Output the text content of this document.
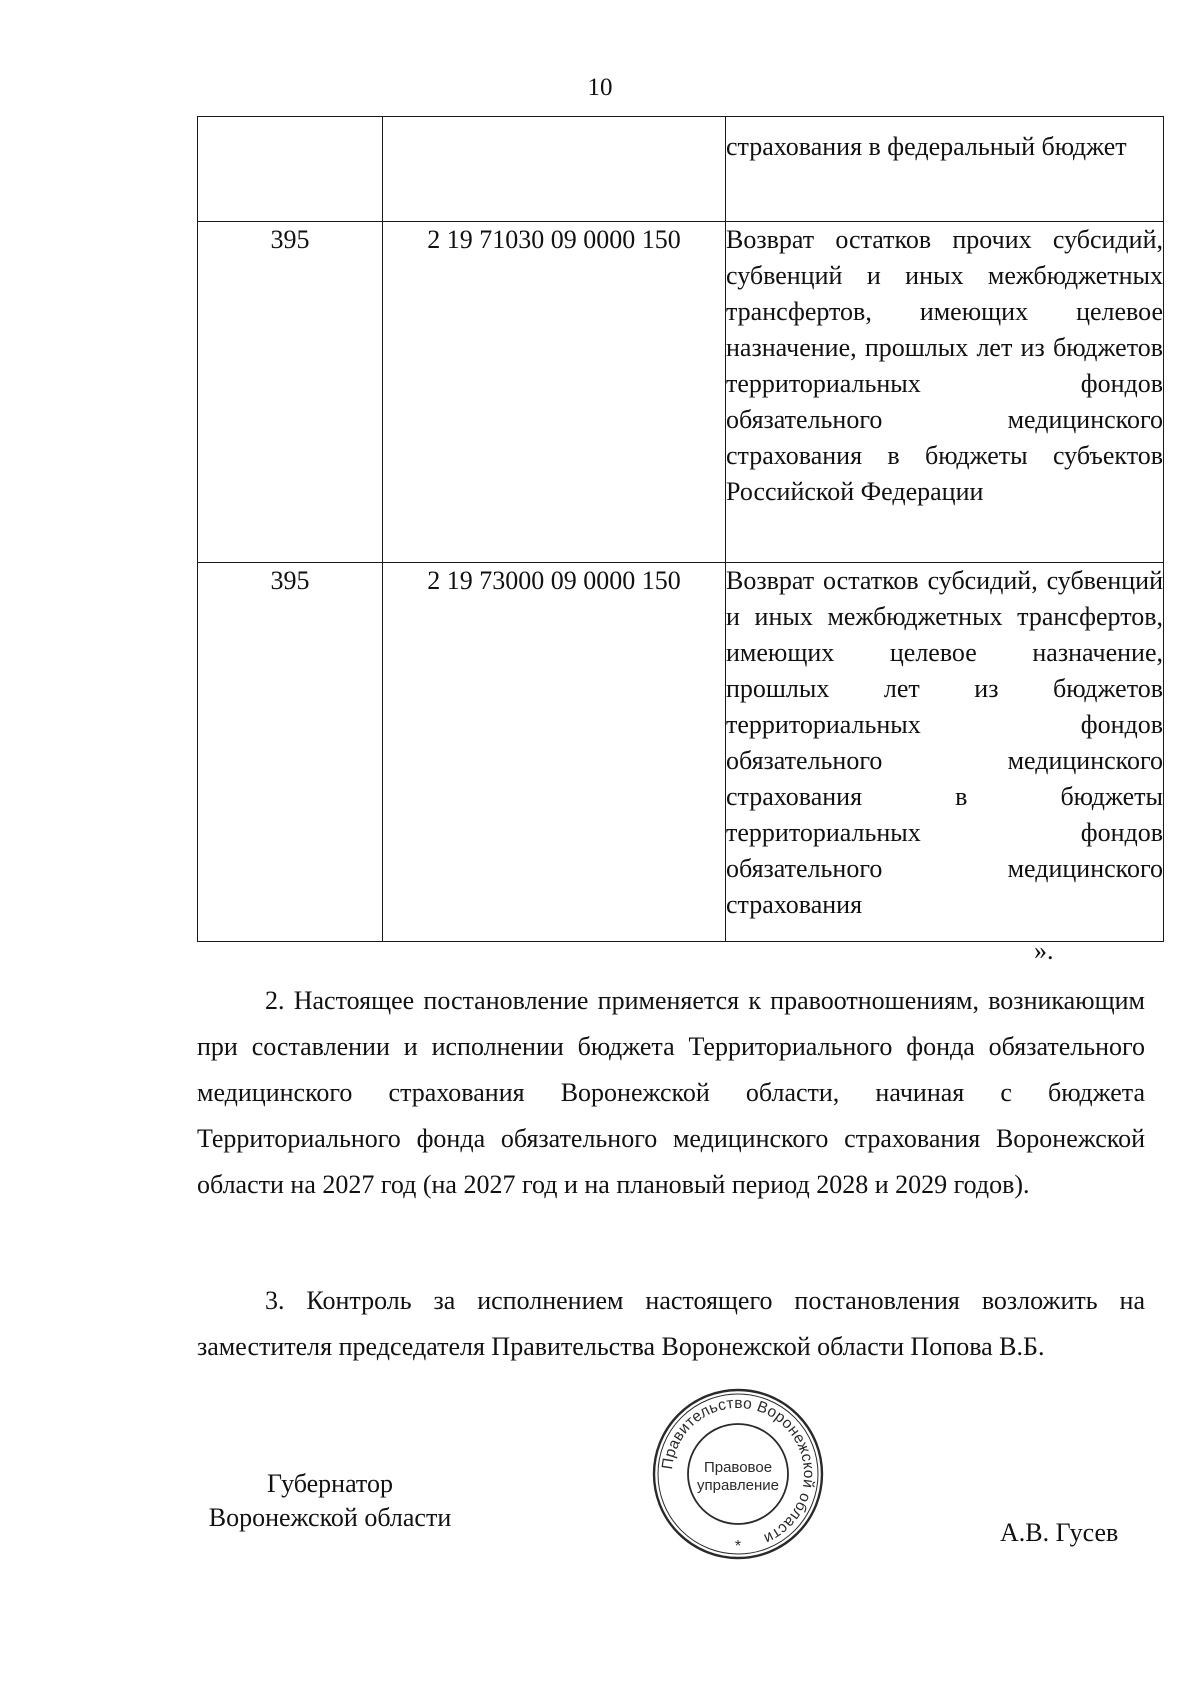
10
		страхования в федеральный бюджет
395	2 19 71030 09 0000 150	Возврат остатков прочих субсидий, субвенций и иных межбюджетных трансфертов, имеющих целевое назначение, прошлых лет из бюджетов территориальных фондов обязательного медицинского страхования в бюджеты субъектов Российской Федерации
395	2 19 73000 09 0000 150	Возврат остатков субсидий, субвенций и иных межбюджетных трансфертов, имеющих целевое назначение, прошлых лет из бюджетов территориальных фондов обязательного медицинского страхования в бюджеты территориальных фондов обязательного медицинского страхования
».

2. Настоящее постановление применяется к правоотношениям, возникающим при составлении и исполнении бюджета Территориального фонда обязательного медицинского страхования Воронежской области, начиная с бюджета Территориального фонда обязательного медицинского страхования Воронежской области на 2027 год (на 2027 год и на плановый период 2028 и 2029 годов).

3. Контроль за исполнением настоящего постановления возложить на заместителя председателя Правительства Воронежской области Попова В.Б.

Губернатор
Воронежской области
Правительство Воронежской области
Правовое
управление
*	А.В. Гусев
